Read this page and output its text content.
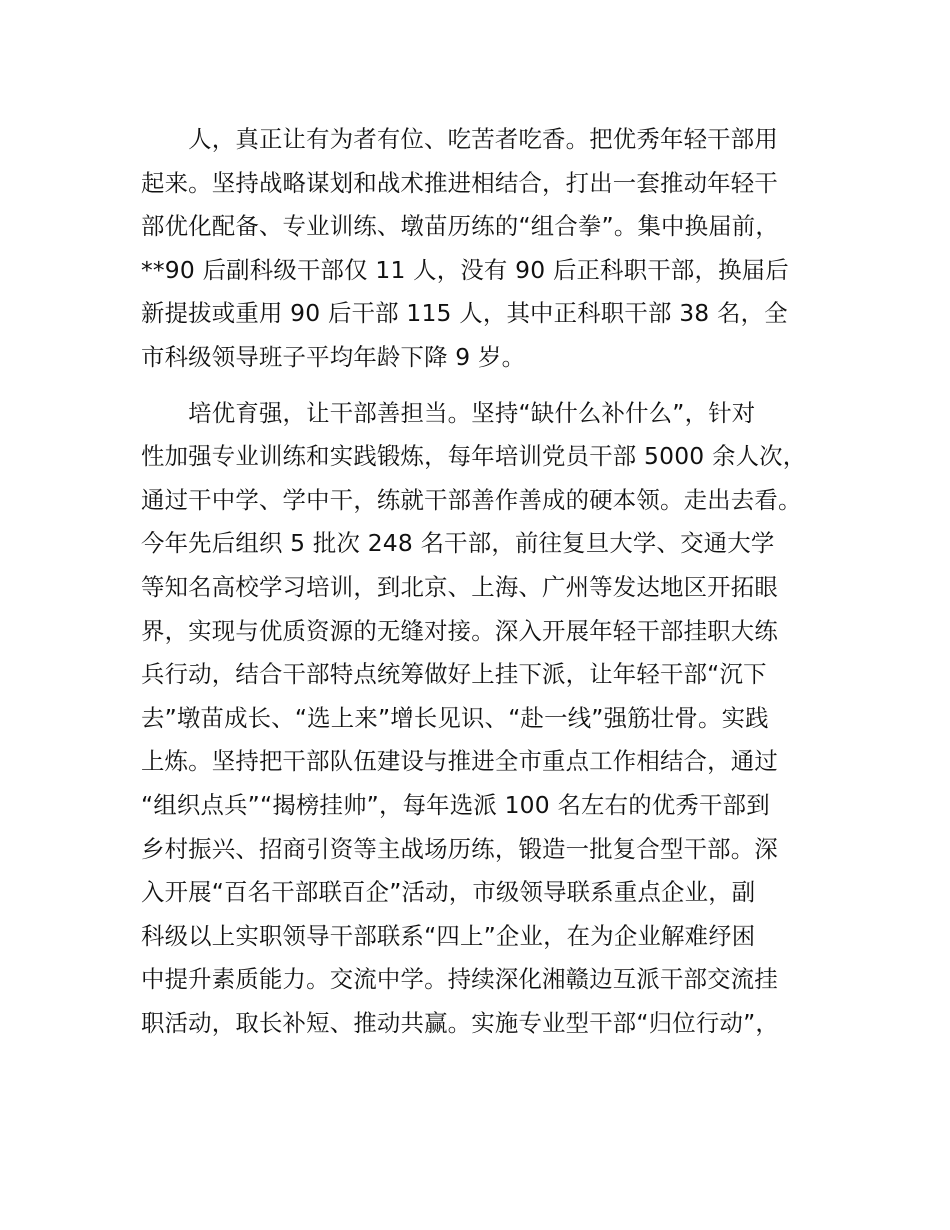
　　人，真正让有为者有位、吃苦者吃香。把优秀年轻干部用
起来。坚持战略谋划和战术推进相结合，打出一套推动年轻干
部优化配备、专业训练、墩苗历练的“组合拳”。集中换届前，
**90 后副科级干部仅 11 人，没有 90 后正科职干部，换届后
新提拔或重用 90 后干部 115 人，其中正科职干部 38 名，全
市科级领导班子平均年龄下降 9 岁。
　　培优育强，让干部善担当。坚持“缺什么补什么”，针对
性加强专业训练和实践锻炼，每年培训党员干部 5000 余人次，
通过干中学、学中干，练就干部善作善成的硬本领。走出去看。
今年先后组织 5 批次 248 名干部，前往复旦大学、交通大学
等知名高校学习培训，到北京、上海、广州等发达地区开拓眼
界，实现与优质资源的无缝对接。深入开展年轻干部挂职大练
兵行动，结合干部特点统筹做好上挂下派，让年轻干部“沉下
去”墩苗成长、“选上来”增长见识、“赴一线”强筋壮骨。实践
上炼。坚持把干部队伍建设与推进全市重点工作相结合，通过
“组织点兵”“揭榜挂帅”，每年选派 100 名左右的优秀干部到
乡村振兴、招商引资等主战场历练，锻造一批复合型干部。深
入开展“百名干部联百企”活动，市级领导联系重点企业，副
科级以上实职领导干部联系“四上”企业，在为企业解难纾困
中提升素质能力。交流中学。持续深化湘赣边互派干部交流挂
职活动，取长补短、推动共赢。实施专业型干部“归位行动”，
